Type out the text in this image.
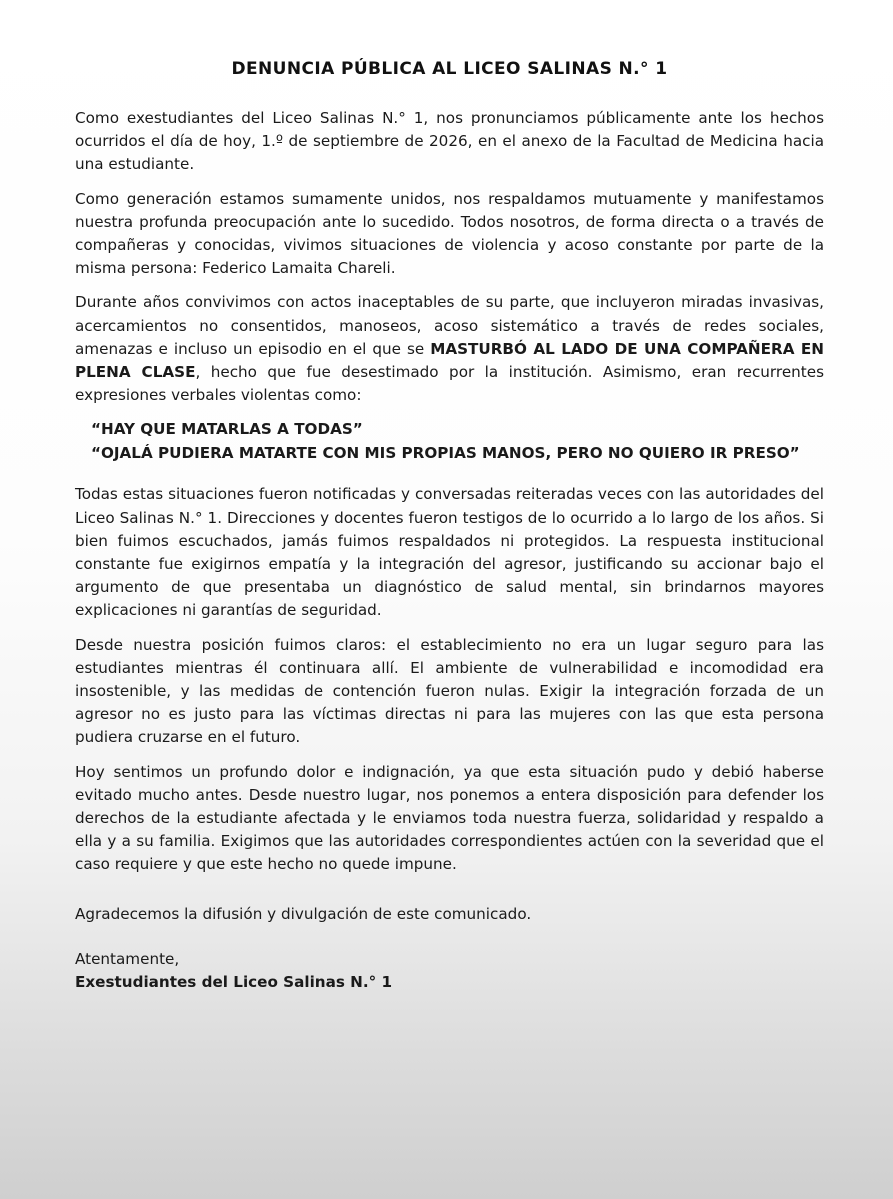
DENUNCIA PÚBLICA AL LICEO SALINAS N.° 1

Como exestudiantes del Liceo Salinas N.° 1, nos pronunciamos públicamente ante los hechos ocurridos el día de hoy, 1.º de septiembre de 2026, en el anexo de la Facultad de Medicina hacia una estudiante.

Como generación estamos sumamente unidos, nos respaldamos mutuamente y manifestamos nuestra profunda preocupación ante lo sucedido. Todos nosotros, de forma directa o a través de compañeras y conocidas, vivimos situaciones de violencia y acoso constante por parte de la misma persona: Federico Lamaita Chareli.

Durante años convivimos con actos inaceptables de su parte, que incluyeron miradas invasivas, acercamientos no consentidos, manoseos, acoso sistemático a través de redes sociales, amenazas e incluso un episodio en el que se MASTURBÓ AL LADO DE UNA COMPAÑERA EN PLENA CLASE, hecho que fue desestimado por la institución. Asimismo, eran recurrentes expresiones verbales violentas como:

“HAY QUE MATARLAS A TODAS”
“OJALÁ PUDIERA MATARTE CON MIS PROPIAS MANOS, PERO NO QUIERO IR PRESO”

Todas estas situaciones fueron notificadas y conversadas reiteradas veces con las autoridades del Liceo Salinas N.° 1. Direcciones y docentes fueron testigos de lo ocurrido a lo largo de los años. Si bien fuimos escuchados, jamás fuimos respaldados ni protegidos. La respuesta institucional constante fue exigirnos empatía y la integración del agresor, justificando su accionar bajo el argumento de que presentaba un diagnóstico de salud mental, sin brindarnos mayores explicaciones ni garantías de seguridad.

Desde nuestra posición fuimos claros: el establecimiento no era un lugar seguro para las estudiantes mientras él continuara allí. El ambiente de vulnerabilidad e incomodidad era insostenible, y las medidas de contención fueron nulas. Exigir la integración forzada de un agresor no es justo para las víctimas directas ni para las mujeres con las que esta persona pudiera cruzarse en el futuro.

Hoy sentimos un profundo dolor e indignación, ya que esta situación pudo y debió haberse evitado mucho antes. Desde nuestro lugar, nos ponemos a entera disposición para defender los derechos de la estudiante afectada y le enviamos toda nuestra fuerza, solidaridad y respaldo a ella y a su familia. Exigimos que las autoridades correspondientes actúen con la severidad que el caso requiere y que este hecho no quede impune.

Agradecemos la difusión y divulgación de este comunicado.

Atentamente,

Exestudiantes del Liceo Salinas N.° 1
